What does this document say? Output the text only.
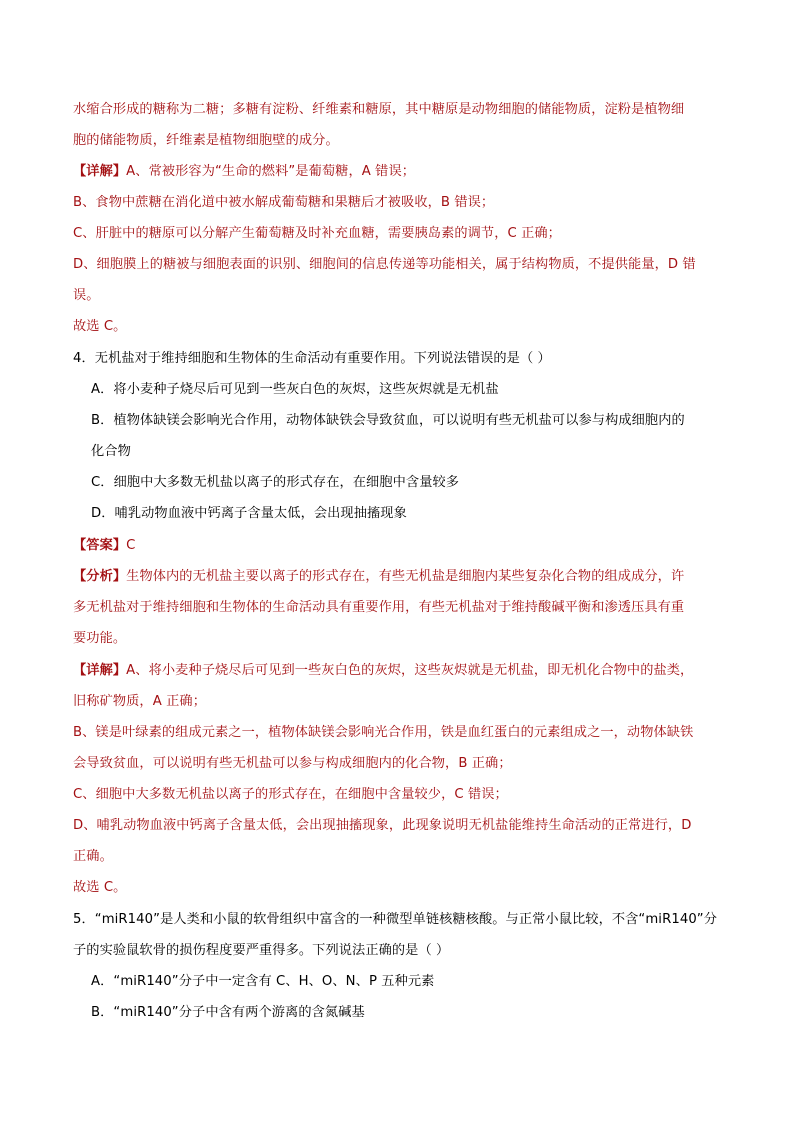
水缩合形成的糖称为二糖；多糖有淀粉、纤维素和糖原，其中糖原是动物细胞的储能物质，淀粉是植物细
胞的储能物质，纤维素是植物细胞壁的成分。
【详解】A、常被形容为“生命的燃料”是葡萄糖，A 错误；
B、食物中蔗糖在消化道中被水解成葡萄糖和果糖后才被吸收，B 错误；
C、肝脏中的糖原可以分解产生葡萄糖及时补充血糖，需要胰岛素的调节，C 正确；
D、细胞膜上的糖被与细胞表面的识别、细胞间的信息传递等功能相关，属于结构物质，不提供能量，D 错
误。
故选 C。
4．无机盐对于维持细胞和生物体的生命活动有重要作用。下列说法错误的是（ ）
A．将小麦种子烧尽后可见到一些灰白色的灰烬，这些灰烬就是无机盐
B．植物体缺镁会影响光合作用，动物体缺铁会导致贫血，可以说明有些无机盐可以参与构成细胞内的
化合物
C．细胞中大多数无机盐以离子的形式存在，在细胞中含量较多
D．哺乳动物血液中钙离子含量太低，会出现抽搐现象
【答案】C
【分析】生物体内的无机盐主要以离子的形式存在，有些无机盐是细胞内某些复杂化合物的组成成分，许
多无机盐对于维持细胞和生物体的生命活动具有重要作用，有些无机盐对于维持酸碱平衡和渗透压具有重
要功能。
【详解】A、将小麦种子烧尽后可见到一些灰白色的灰烬，这些灰烬就是无机盐，即无机化合物中的盐类，
旧称矿物质，A 正确；
B、镁是叶绿素的组成元素之一，植物体缺镁会影响光合作用，铁是血红蛋白的元素组成之一，动物体缺铁
会导致贫血，可以说明有些无机盐可以参与构成细胞内的化合物，B 正确；
C、细胞中大多数无机盐以离子的形式存在，在细胞中含量较少，C 错误；
D、哺乳动物血液中钙离子含量太低，会出现抽搐现象，此现象说明无机盐能维持生命活动的正常进行，D
正确。
故选 C。
5．“miR140”是人类和小鼠的软骨组织中富含的一种微型单链核糖核酸。与正常小鼠比较，不含“miR140”分
子的实验鼠软骨的损伤程度要严重得多。下列说法正确的是（ ）
A．“miR140”分子中一定含有 C、H、O、N、P 五种元素
B．“miR140”分子中含有两个游离的含氮碱基
